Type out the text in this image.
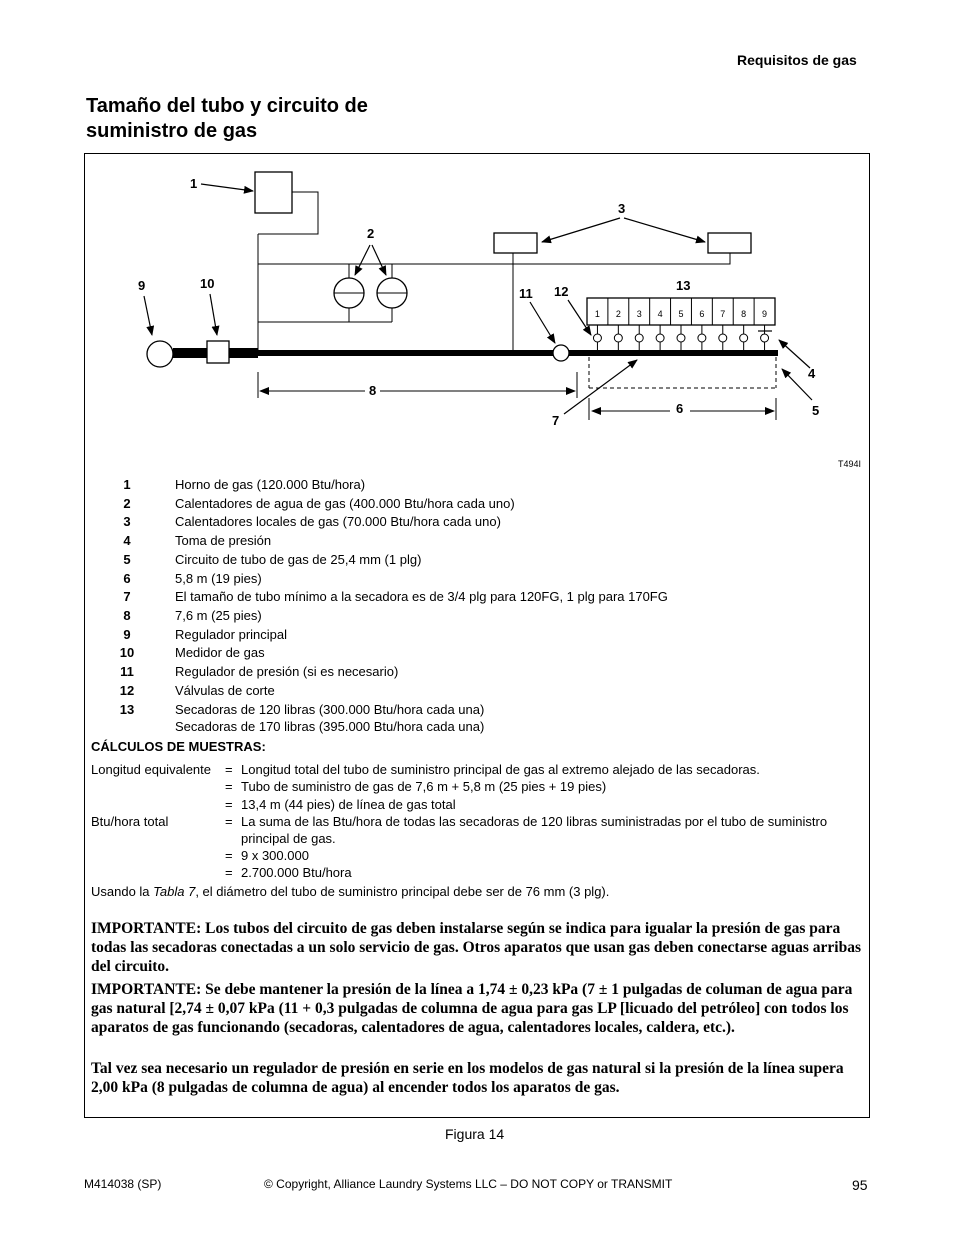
Requisitos de gas
Tamaño del tubo y circuito de
suministro de gas
1 2 3 4 5 6 7 8 9
1
2
3
4
5
6
7
8
9	10
11 12	13
T494I
1	Horno de gas (120.000 Btu/hora)
2	Calentadores de agua de gas (400.000 Btu/hora cada uno)
3	Calentadores locales de gas (70.000 Btu/hora cada uno)
4	Toma de presión
5	Circuito de tubo de gas de 25,4 mm (1 plg)
6	5,8 m (19 pies)
7	El tamaño de tubo mínimo a la secadora es de 3/4 plg para 120FG, 1 plg para 170FG
8	7,6 m (25 pies)
9	Regulador principal
10	Medidor de gas
11	Regulador de presión (si es necesario)
12	Válvulas de corte
13	Secadoras de 120 libras (300.000 Btu/hora cada una)
Secadoras de 170 libras (395.000 Btu/hora cada una)
CÁLCULOS DE MUESTRAS:
Longitud equivalente = Longitud total del tubo de suministro principal de gas al extremo alejado de las secadoras.
= Tubo de suministro de gas de 7,6 m + 5,8 m (25 pies + 19 pies)
= 13,4 m (44 pies) de línea de gas total
Btu/hora total	= La suma de las Btu/hora de todas las secadoras de 120 libras suministradas por el tubo de suministro
principal de gas.
= 9 x 300.000
= 2.700.000 Btu/hora
Usando la Tabla 7, el diámetro del tubo de suministro principal debe ser de 76 mm (3 plg).
IMPORTANTE: Los tubos del circuito de gas deben instalarse según se indica para igualar la presión de gas para todas las secadoras conectadas a un solo servicio de gas. Otros aparatos que usan gas deben conectarse aguas arribas del circuito.
IMPORTANTE: Se debe mantener la presión de la línea a 1,74 ± 0,23 kPa (7 ± 1 pulgadas de columan de agua para gas natural [2,74 ± 0,07 kPa (11 + 0,3 pulgadas de columna de agua para gas LP [licuado del petróleo] con todos los aparatos de gas funcionando (secadoras, calentadores de agua, calentadores locales, caldera, etc.).
Tal vez sea necesario un regulador de presión en serie en los modelos de gas natural si la presión de la línea supera 2,00 kPa (8 pulgadas de columna de agua) al encender todos los aparatos de gas.
Figura 14
M414038 (SP)	© Copyright, Alliance Laundry Systems LLC – DO NOT COPY or TRANSMIT	95
